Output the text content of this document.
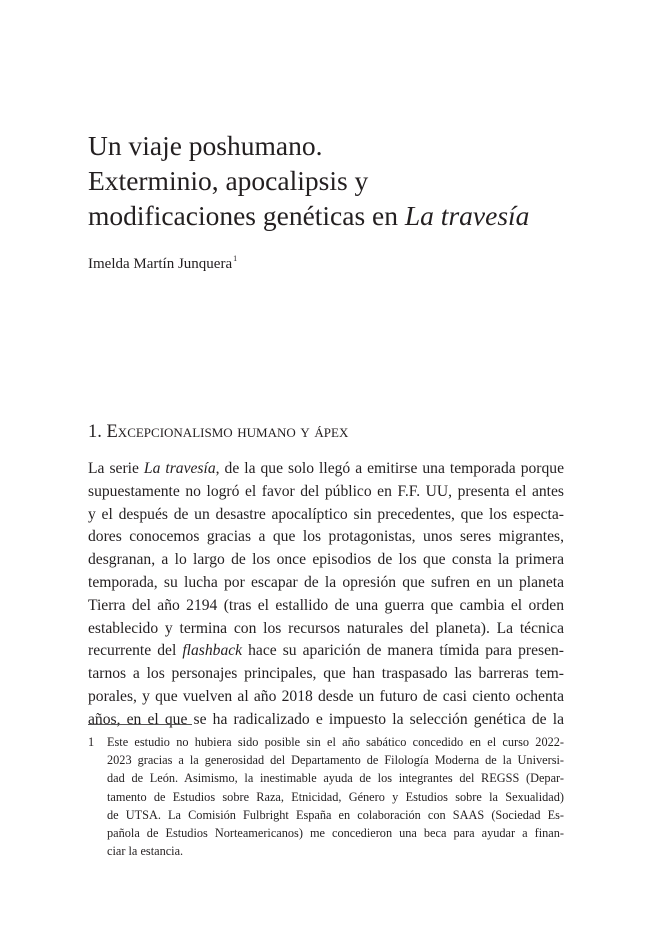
Un viaje poshumano.
Exterminio, apocalipsis y
modificaciones genéticas en La travesía
Imelda Martín Junquera$^1$
1. Excepcionalismo humano y ápex
La serie La travesía, de la que solo llegó a emitirse una temporada porque
supuestamente no logró el favor del público en F.F. UU, presenta el antes
y el después de un desastre apocalíptico sin precedentes, que los especta-
dores conocemos gracias a que los protagonistas, unos seres migrantes,
desgranan, a lo largo de los once episodios de los que consta la primera
temporada, su lucha por escapar de la opresión que sufren en un planeta
Tierra del año 2194 (tras el estallido de una guerra que cambia el orden
establecido y termina con los recursos naturales del planeta). La técnica
recurrente del flashback hace su aparición de manera tímida para presen-
tarnos a los personajes principales, que han traspasado las barreras tem-
porales, y que vuelven al año 2018 desde un futuro de casi ciento ochenta
años, en el que se ha radicalizado e impuesto la selección genética de la
1 Este estudio no hubiera sido posible sin el año sabático concedido en el curso 2022-
2023 gracias a la generosidad del Departamento de Filología Moderna de la Universi-
dad de León. Asimismo, la inestimable ayuda de los integrantes del REGSS (Depar-
tamento de Estudios sobre Raza, Etnicidad, Género y Estudios sobre la Sexualidad)
de UTSA. La Comisión Fulbright España en colaboración con SAAS (Sociedad Es-
pañola de Estudios Norteamericanos) me concedieron una beca para ayudar a finan-
ciar la estancia.
